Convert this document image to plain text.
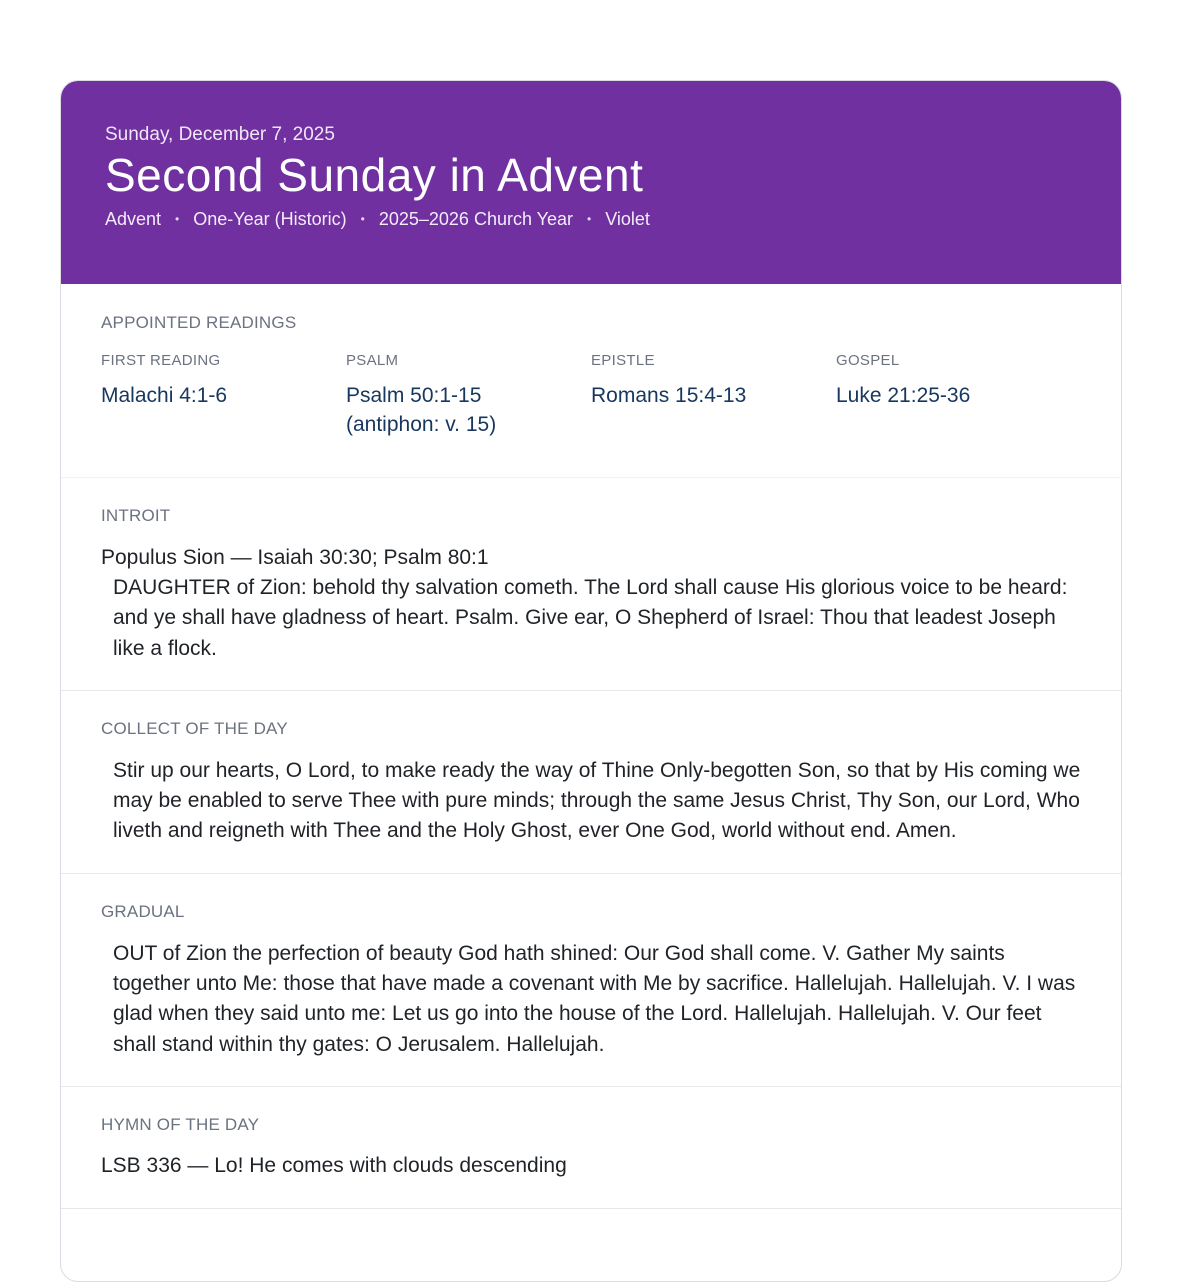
Sunday, December 7, 2025
Second Sunday in Advent
Advent • One-Year (Historic) • 2025–2026 Church Year • Violet
APPOINTED READINGS
FIRST READING
Malachi 4:1-6
PSALM
Psalm 50:1-15
(antiphon: v. 15)
EPISTLE
Romans 15:4-13
GOSPEL
Luke 21:25-36
INTROIT
Populus Sion — Isaiah 30:30; Psalm 80:1
DAUGHTER of Zion: behold thy salvation cometh. The Lord shall cause His glorious voice to be heard: and ye shall have gladness of heart. Psalm. Give ear, O Shepherd of Israel: Thou that leadest Joseph like a flock.
COLLECT OF THE DAY
Stir up our hearts, O Lord, to make ready the way of Thine Only-begotten Son, so that by His coming we may be enabled to serve Thee with pure minds; through the same Jesus Christ, Thy Son, our Lord, Who liveth and reigneth with Thee and the Holy Ghost, ever One God, world without end. Amen.
GRADUAL
OUT of Zion the perfection of beauty God hath shined: Our God shall come. V. Gather My saints together unto Me: those that have made a covenant with Me by sacrifice. Hallelujah. Hallelujah. V. I was glad when they said unto me: Let us go into the house of the Lord. Hallelujah. Hallelujah. V. Our feet shall stand within thy gates: O Jerusalem. Hallelujah.
HYMN OF THE DAY
LSB 336 — Lo! He comes with clouds descending
